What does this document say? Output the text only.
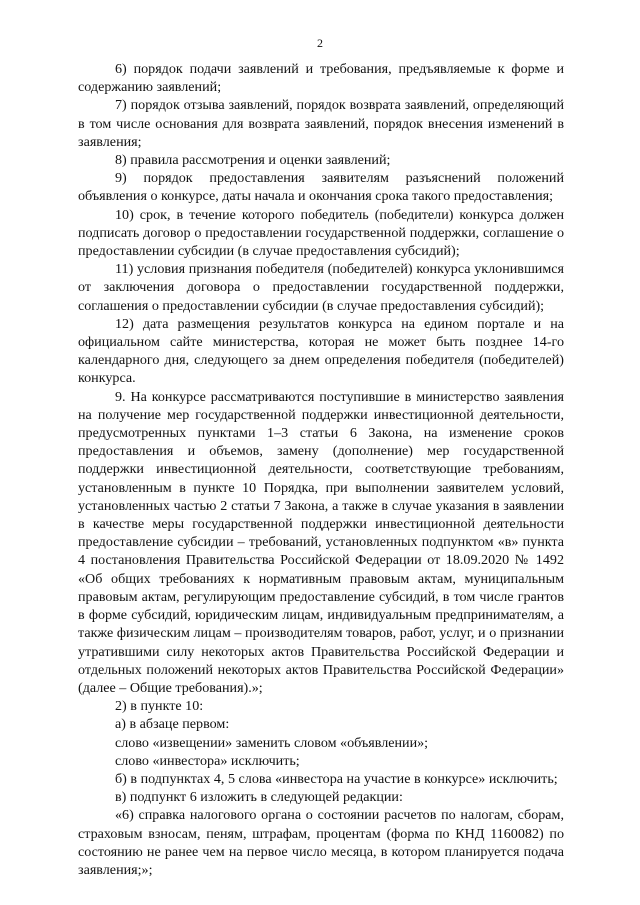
2

6) порядок подачи заявлений и требования, предъявляемые к форме и содержанию заявлений;

7) порядок отзыва заявлений, порядок возврата заявлений, определяющий в том числе основания для возврата заявлений, порядок внесения изменений в заявления;

8) правила рассмотрения и оценки заявлений;

9) порядок предоставления заявителям разъяснений положений объявления о конкурсе, даты начала и окончания срока такого предоставления;

10) срок, в течение которого победитель (победители) конкурса должен подписать договор о предоставлении государственной поддержки, соглашение о предоставлении субсидии (в случае предоставления субсидий);

11) условия признания победителя (победителей) конкурса уклонившимся от заключения договора о предоставлении государственной поддержки, соглашения о предоставлении субсидии (в случае предоставления субсидий);

12) дата размещения результатов конкурса на едином портале и на официальном сайте министерства, которая не может быть позднее 14-го календарного дня, следующего за днем определения победителя (победителей) конкурса.

9. На конкурсе рассматриваются поступившие в министерство заявления на получение мер государственной поддержки инвестиционной деятельности, предусмотренных пунктами 1–3 статьи 6 Закона, на изменение сроков предоставления и объемов, замену (дополнение) мер государственной поддержки инвестиционной деятельности, соответствующие требованиям, установленным в пункте 10 Порядка, при выполнении заявителем условий, установленных частью 2 статьи 7 Закона, а также в случае указания в заявлении в качестве меры государственной поддержки инвестиционной деятельности предоставление субсидии – требований, установленных подпунктом «в» пункта 4 постановления Правительства Российской Федерации от 18.09.2020 № 1492 «Об общих требованиях к нормативным правовым актам, муниципальным правовым актам, регулирующим предоставление субсидий, в том числе грантов в форме субсидий, юридическим лицам, индивидуальным предпринимателям, а также физическим лицам – производителям товаров, работ, услуг, и о признании утратившими силу некоторых актов Правительства Российской Федерации и отдельных положений некоторых актов Правительства Российской Федерации» (далее – Общие требования).»;

2) в пункте 10:

а) в абзаце первом:

слово «извещении» заменить словом «объявлении»;

слово «инвестора» исключить;

б) в подпунктах 4, 5 слова «инвестора на участие в конкурсе» исключить;

в) подпункт 6 изложить в следующей редакции:

«6) справка налогового органа о состоянии расчетов по налогам, сборам, страховым взносам, пеням, штрафам, процентам (форма по КНД 1160082) по состоянию не ранее чем на первое число месяца, в котором планируется подача заявления;»;
